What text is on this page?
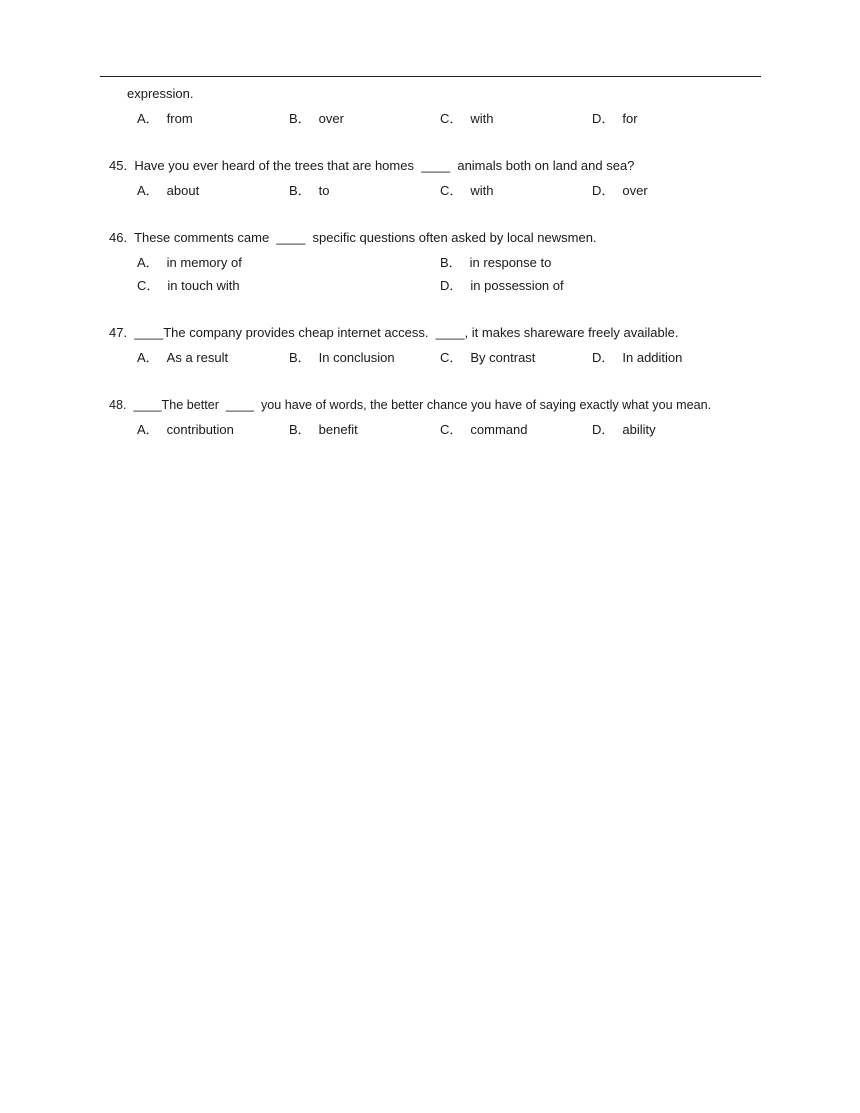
expression.
A． from	B． over	C． with	D． for
45. Have you ever heard of the trees that are homes  ____  animals both on land and sea?
A． about	B． to	C． with	D． over
46. These comments came  ____  specific questions often asked by local newsmen.
A． in memory of	B． in response to
C． in touch with	D． in possession of
47. ____The company provides cheap internet access.  ____, it makes shareware freely available.
A． As a result	B． In conclusion	C． By contrast	D． In addition
48. ____The better  ____  you have of words, the better chance you have of saying exactly what you mean.
A． contribution	B． benefit	C． command	D． ability
